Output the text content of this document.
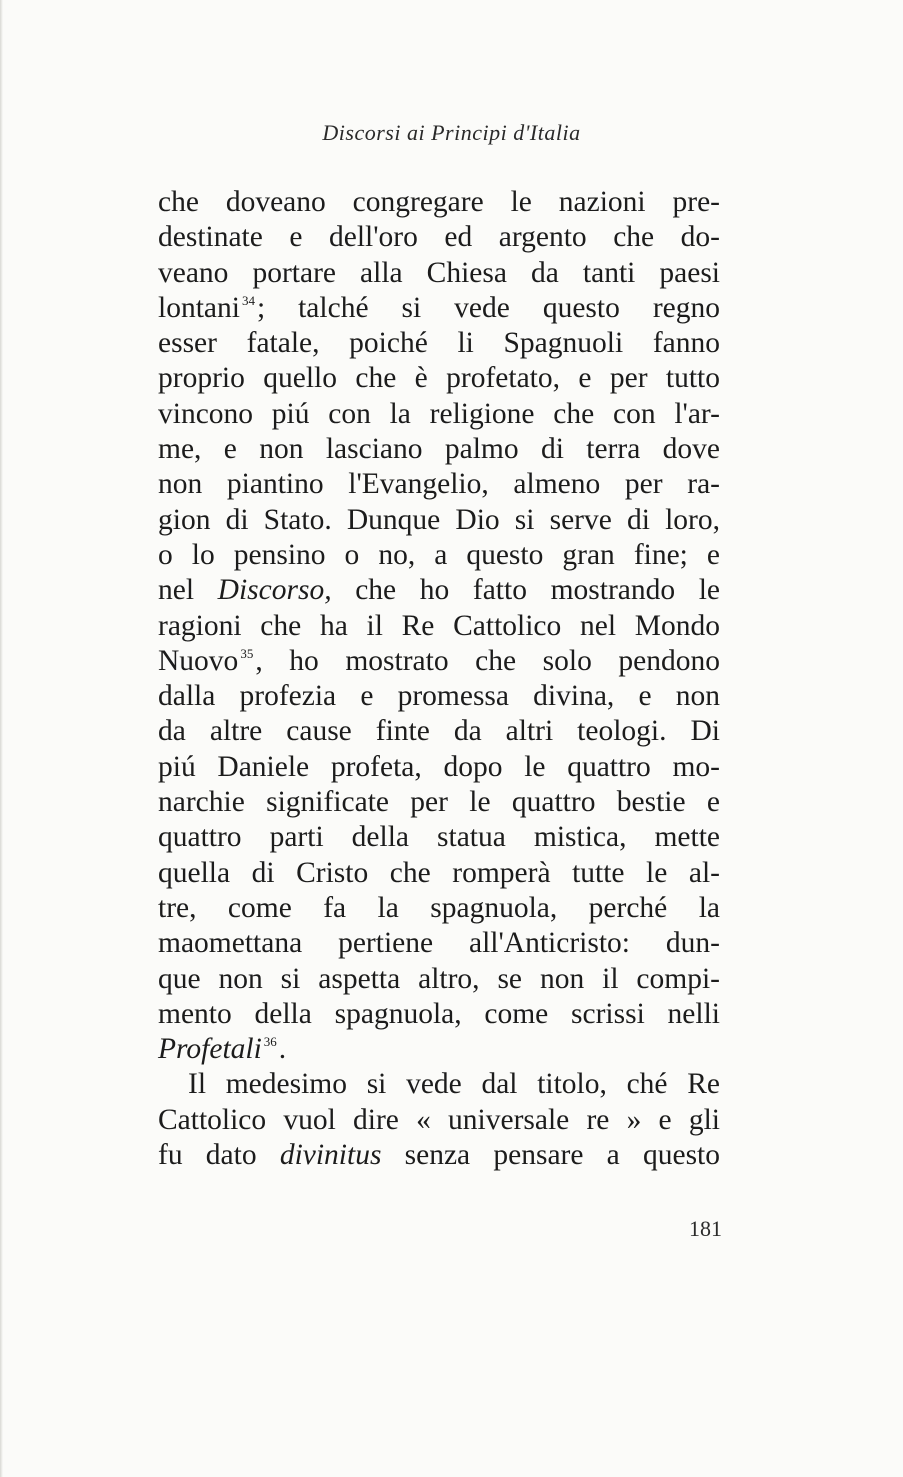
Discorsi ai Principi d'Italia
che doveano congregare le nazioni pre-
destinate e dell'oro ed argento che do-
veano portare alla Chiesa da tanti paesi
lontani $^{34}$; talché si vede questo regno
esser fatale, poiché li Spagnuoli fanno
proprio quello che è profetato, e per tutto
vincono piú con la religione che con l'ar-
me, e non lasciano palmo di terra dove
non piantino l'Evangelio, almeno per ra-
gion di Stato. Dunque Dio si serve di loro,
o lo pensino o no, a questo gran fine; e
nel Discorso, che ho fatto mostrando le
ragioni che ha il Re Cattolico nel Mondo
Nuovo $^{35}$, ho mostrato che solo pendono
dalla profezia e promessa divina, e non
da altre cause finte da altri teologi. Di
piú Daniele profeta, dopo le quattro mo-
narchie significate per le quattro bestie e
quattro parti della statua mistica, mette
quella di Cristo che romperà tutte le al-
tre, come fa la spagnuola, perché la
maomettana pertiene all'Anticristo: dun-
que non si aspetta altro, se non il compi-
mento della spagnuola, come scrissi nelli
Profetali $^{36}$.
Il medesimo si vede dal titolo, ché Re
Cattolico vuol dire « universale re » e gli
fu dato divinitus senza pensare a questo
181
